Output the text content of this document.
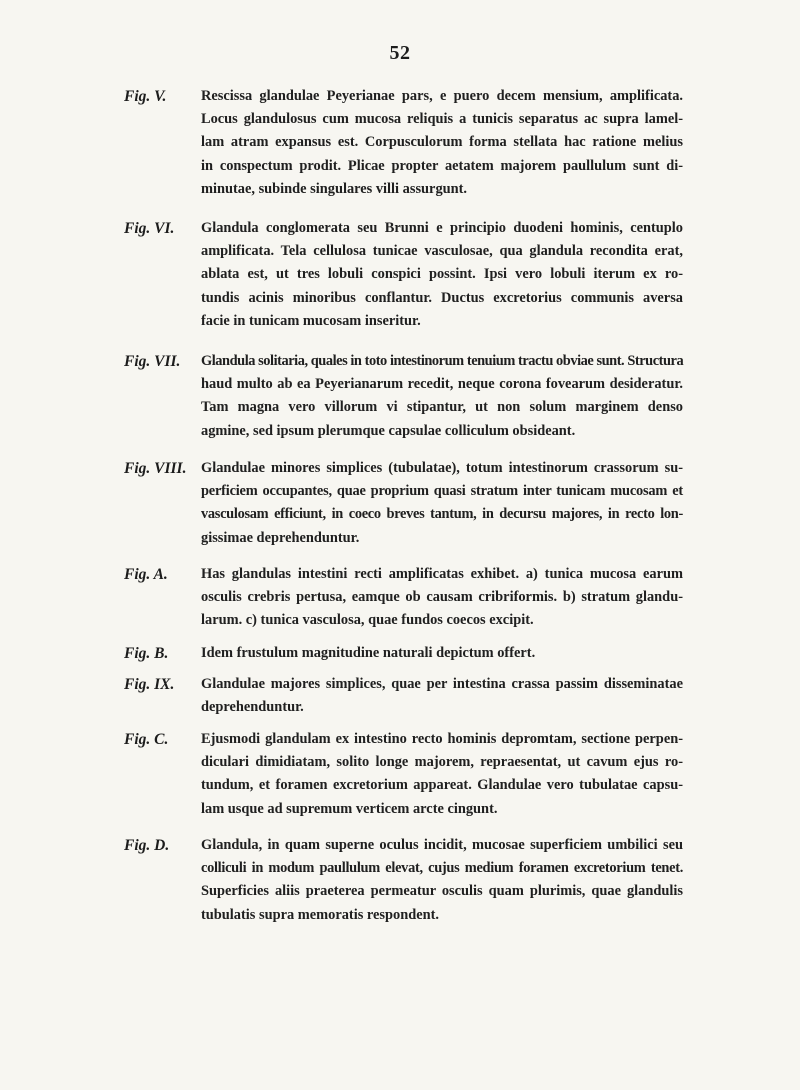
52
Fig. V.	Rescissa glandulae Peyerianae pars, e puero decem mensium, amplificata.
Locus glandulosus cum mucosa reliquis a tunicis separatus ac supra lamel-
lam atram expansus est. Corpusculorum forma stellata hac ratione melius
in conspectum prodit. Plicae propter aetatem majorem paullulum sunt di-
minutae, subinde singulares villi assurgunt.
Fig. VI.	Glandula conglomerata seu Brunni e principio duodeni hominis, centuplo
amplificata. Tela cellulosa tunicae vasculosae, qua glandula recondita erat,
ablata est, ut tres lobuli conspici possint. Ipsi vero lobuli iterum ex ro-
tundis acinis minoribus conflantur. Ductus excretorius communis aversa
facie in tunicam mucosam inseritur.
Fig. VII.	Glandula solitaria, quales in toto intestinorum tenuium tractu obviae sunt. Structura
haud multo ab ea Peyerianarum recedit, neque corona fovearum desideratur.
Tam magna vero villorum vi stipantur, ut non solum marginem denso
agmine, sed ipsum plerumque capsulae colliculum obsideant.
Fig. VIII.	Glandulae minores simplices (tubulatae), totum intestinorum crassorum su-
perficiem occupantes, quae proprium quasi stratum inter tunicam mucosam et
vasculosam efficiunt, in coeco breves tantum, in decursu majores, in recto lon-
gissimae deprehenduntur.
Fig. A.	Has glandulas intestini recti amplificatas exhibet. a) tunica mucosa earum
osculis crebris pertusa, eamque ob causam cribriformis. b) stratum glandu-
larum. c) tunica vasculosa, quae fundos coecos excipit.
Fig. B.	Idem frustulum magnitudine naturali depictum offert.
Fig. IX.	Glandulae majores simplices, quae per intestina crassa passim disseminatae
deprehenduntur.
Fig. C.	Ejusmodi glandulam ex intestino recto hominis depromtam, sectione perpen-
diculari dimidiatam, solito longe majorem, repraesentat, ut cavum ejus ro-
tundum, et foramen excretorium appareat. Glandulae vero tubulatae capsu-
lam usque ad supremum verticem arcte cingunt.
Fig. D.	Glandula, in quam superne oculus incidit, mucosae superficiem umbilici seu
colliculi in modum paullulum elevat, cujus medium foramen excretorium tenet.
Superficies aliis praeterea permeatur osculis quam plurimis, quae glandulis
tubulatis supra memoratis respondent.
